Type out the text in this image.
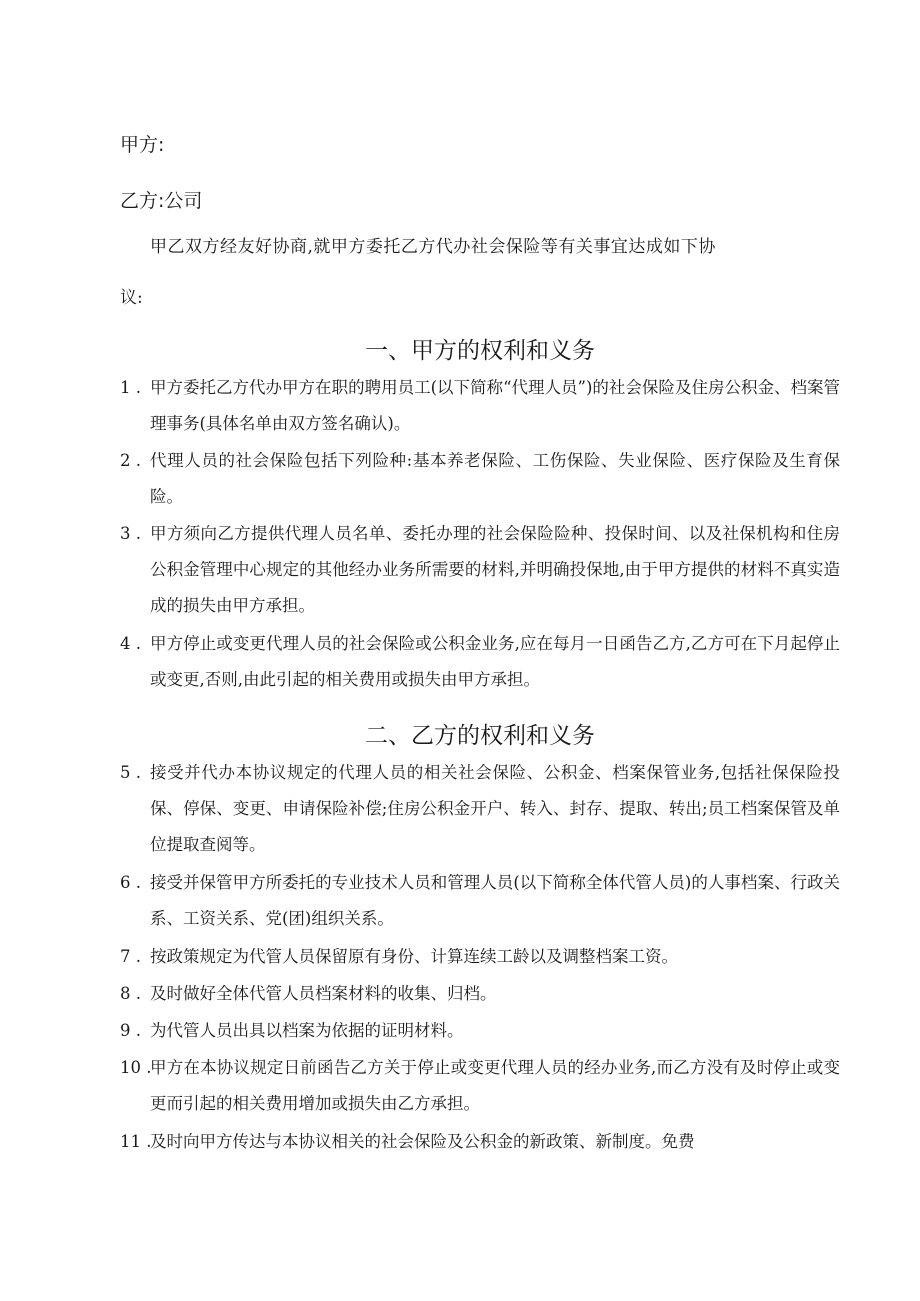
甲方:
乙方:公司
甲乙双方经友好协商,就甲方委托乙方代办社会保险等有关事宜达成如下协
议:
一、甲方的权利和义务
1 . 甲方委托乙方代办甲方在职的聘用员工(以下简称“代理人员”)的社会保险及住房公积金、档案管理事务(具体名单由双方签名确认)。
2 . 代理人员的社会保险包括下列险种:基本养老保险、工伤保险、失业保险、医疗保险及生育保险。
3 . 甲方须向乙方提供代理人员名单、委托办理的社会保险险种、投保时间、以及社保机构和住房公积金管理中心规定的其他经办业务所需要的材料,并明确投保地,由于甲方提供的材料不真实造成的损失由甲方承担。
4 . 甲方停止或变更代理人员的社会保险或公积金业务,应在每月一日函告乙方,乙方可在下月起停止或变更,否则,由此引起的相关费用或损失由甲方承担。
二、乙方的权利和义务
5 . 接受并代办本协议规定的代理人员的相关社会保险、公积金、档案保管业务,包括社保保险投保、停保、变更、申请保险补偿;住房公积金开户、转入、封存、提取、转出;员工档案保管及单位提取查阅等。
6 . 接受并保管甲方所委托的专业技术人员和管理人员(以下简称全体代管人员)的人事档案、行政关系、工资关系、党(团)组织关系。
7 . 按政策规定为代管人员保留原有身份、计算连续工龄以及调整档案工资。
8 . 及时做好全体代管人员档案材料的收集、归档。
9 . 为代管人员出具以档案为依据的证明材料。
10 .
甲方在本协议规定日前函告乙方关于停止或变更代理人员的经办业务,而乙方没有及时停止或变更而引起的相关费用增加或损失由乙方承担。
11 .
及时向甲方传达与本协议相关的社会保险及公积金的新政策、新制度。免费
